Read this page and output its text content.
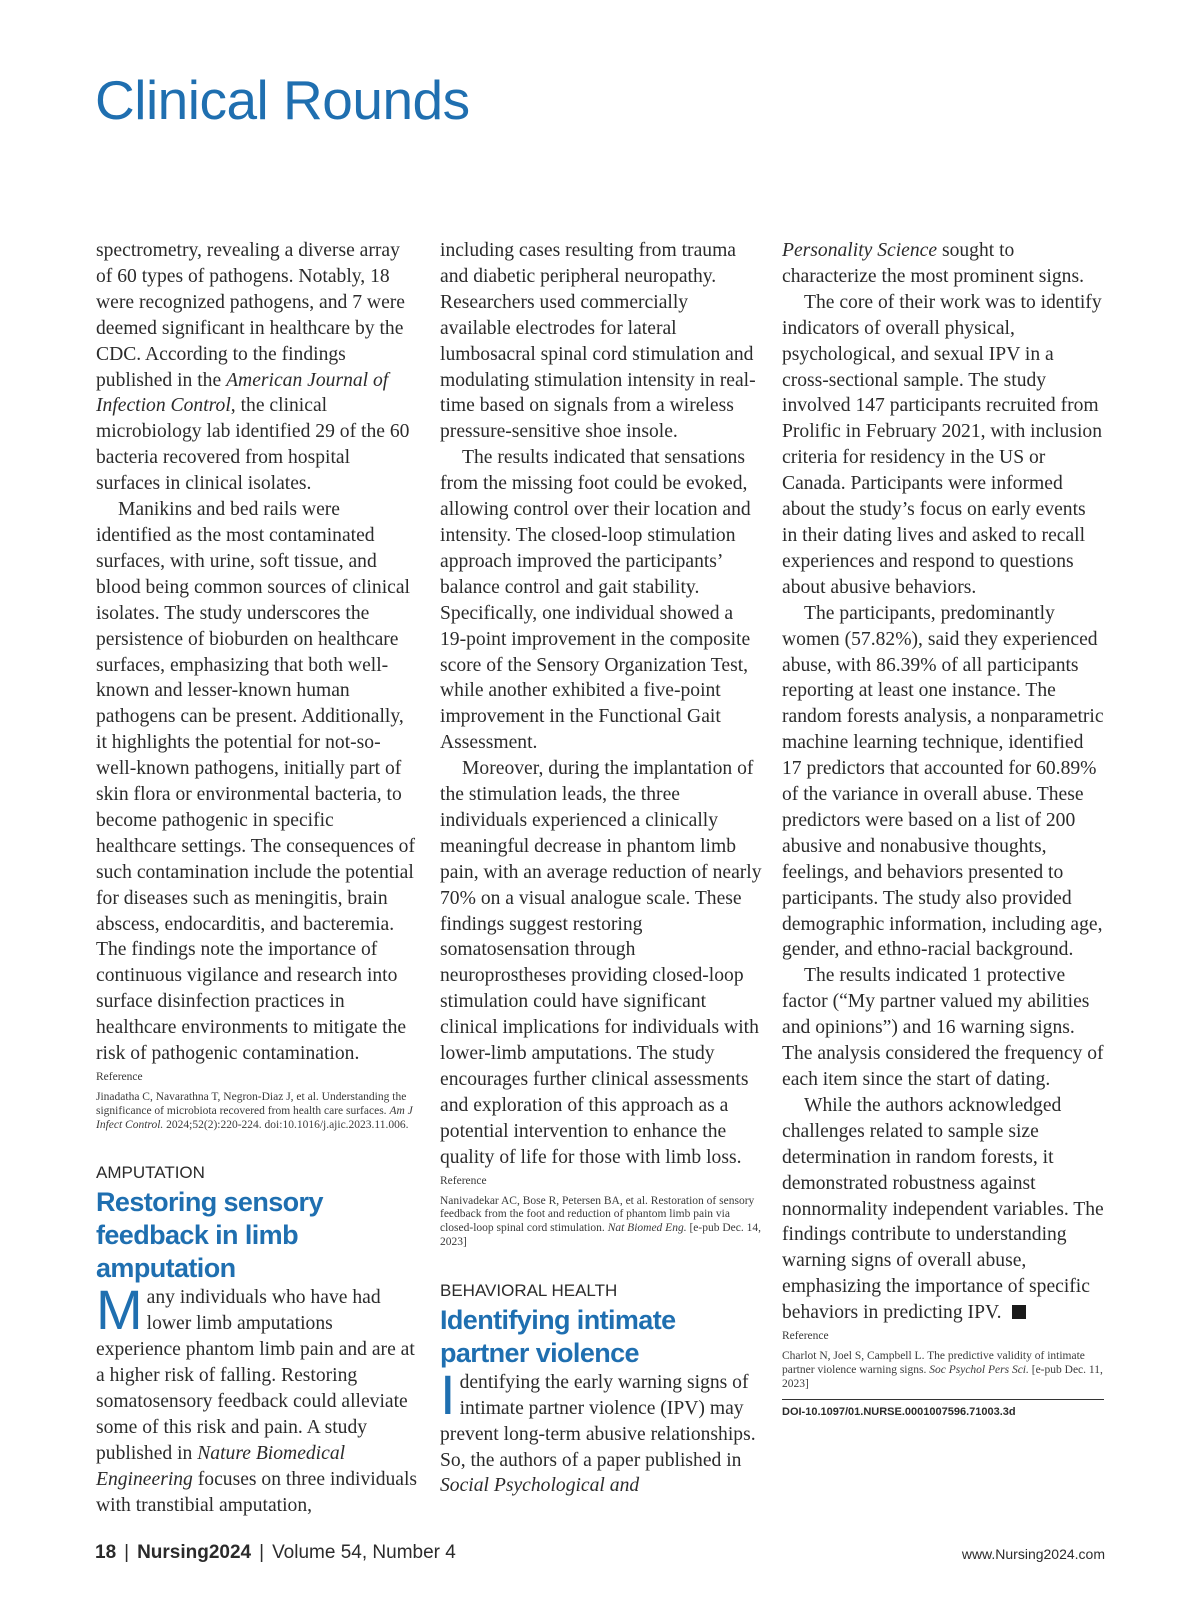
Clinical Rounds

spectrometry, revealing a diverse array of 60 types of pathogens. Notably, 18 were recognized pathogens, and 7 were deemed significant in healthcare by the CDC. According to the findings published in the American Journal of Infection Control, the clinical microbiology lab identified 29 of the 60 bacteria recovered from hospital surfaces in clinical isolates.

Manikins and bed rails were identified as the most contaminated surfaces, with urine, soft tissue, and blood being common sources of clinical isolates. The study underscores the persistence of bioburden on healthcare surfaces, emphasizing that both well-known and lesser-known human pathogens can be present. Additionally, it highlights the potential for not-so-well-known pathogens, initially part of skin flora or environmental bacteria, to become pathogenic in specific healthcare settings. The consequences of such contamination include the potential for diseases such as meningitis, brain abscess, endocarditis, and bacteremia. The findings note the importance of continuous vigilance and research into surface disinfection practices in healthcare environments to mitigate the risk of pathogenic contamination.

Reference

Jinadatha C, Navarathna T, Negron-Diaz J, et al. Understanding the significance of microbiota recovered from health care surfaces. Am J Infect Control. 2024;52(2):220-224. doi:10.1016/j.ajic.2023.11.006.

AMPUTATION

Restoring sensory feedback in limb amputation

Many individuals who have had lower limb amputations experience phantom limb pain and are at a higher risk of falling. Restoring somatosensory feedback could alleviate some of this risk and pain. A study published in Nature Biomedical Engineering focuses on three individuals with transtibial amputation,

including cases resulting from trauma and diabetic peripheral neuropathy. Researchers used commercially available electrodes for lateral lumbosacral spinal cord stimulation and modulating stimulation intensity in real-time based on signals from a wireless pressure-sensitive shoe insole.

The results indicated that sensations from the missing foot could be evoked, allowing control over their location and intensity. The closed-loop stimulation approach improved the participants’ balance control and gait stability. Specifically, one individual showed a 19-point improvement in the composite score of the Sensory Organization Test, while another exhibited a five-point improvement in the Functional Gait Assessment.

Moreover, during the implantation of the stimulation leads, the three individuals experienced a clinically meaningful decrease in phantom limb pain, with an average reduction of nearly 70% on a visual analogue scale. These findings suggest restoring somatosensation through neuroprostheses providing closed-loop stimulation could have significant clinical implications for individuals with lower-limb amputations. The study encourages further clinical assessments and exploration of this approach as a potential intervention to enhance the quality of life for those with limb loss.

Reference

Nanivadekar AC, Bose R, Petersen BA, et al. Restoration of sensory feedback from the foot and reduction of phantom limb pain via closed-loop spinal cord stimulation. Nat Biomed Eng. [e-pub Dec. 14, 2023]

BEHAVIORAL HEALTH

Identifying intimate partner violence

Identifying the early warning signs of intimate partner violence (IPV) may prevent long-term abusive relationships. So, the authors of a paper published in Social Psychological and

Personality Science sought to characterize the most prominent signs.

The core of their work was to identify indicators of overall physical, psychological, and sexual IPV in a cross-sectional sample. The study involved 147 participants recruited from Prolific in February 2021, with inclusion criteria for residency in the US or Canada. Participants were informed about the study’s focus on early events in their dating lives and asked to recall experiences and respond to questions about abusive behaviors.

The participants, predominantly women (57.82%), said they experienced abuse, with 86.39% of all participants reporting at least one instance. The random forests analysis, a nonparametric machine learning technique, identified 17 predictors that accounted for 60.89% of the variance in overall abuse. These predictors were based on a list of 200 abusive and nonabusive thoughts, feelings, and behaviors presented to participants. The study also provided demographic information, including age, gender, and ethno-racial background.

The results indicated 1 protective factor (“My partner valued my abilities and opinions”) and 16 warning signs. The analysis considered the frequency of each item since the start of dating.

While the authors acknowledged challenges related to sample size determination in random forests, it demonstrated robustness against nonnormality independent variables. The findings contribute to understanding warning signs of overall abuse, emphasizing the importance of specific behaviors in predicting IPV.

Reference

Charlot N, Joel S, Campbell L. The predictive validity of intimate partner violence warning signs. Soc Psychol Pers Sci. [e-pub Dec. 11, 2023]

DOI-10.1097/01.NURSE.0001007596.71003.3d

18 | Nursing2024 | Volume 54, Number 4	www.Nursing2024.com
